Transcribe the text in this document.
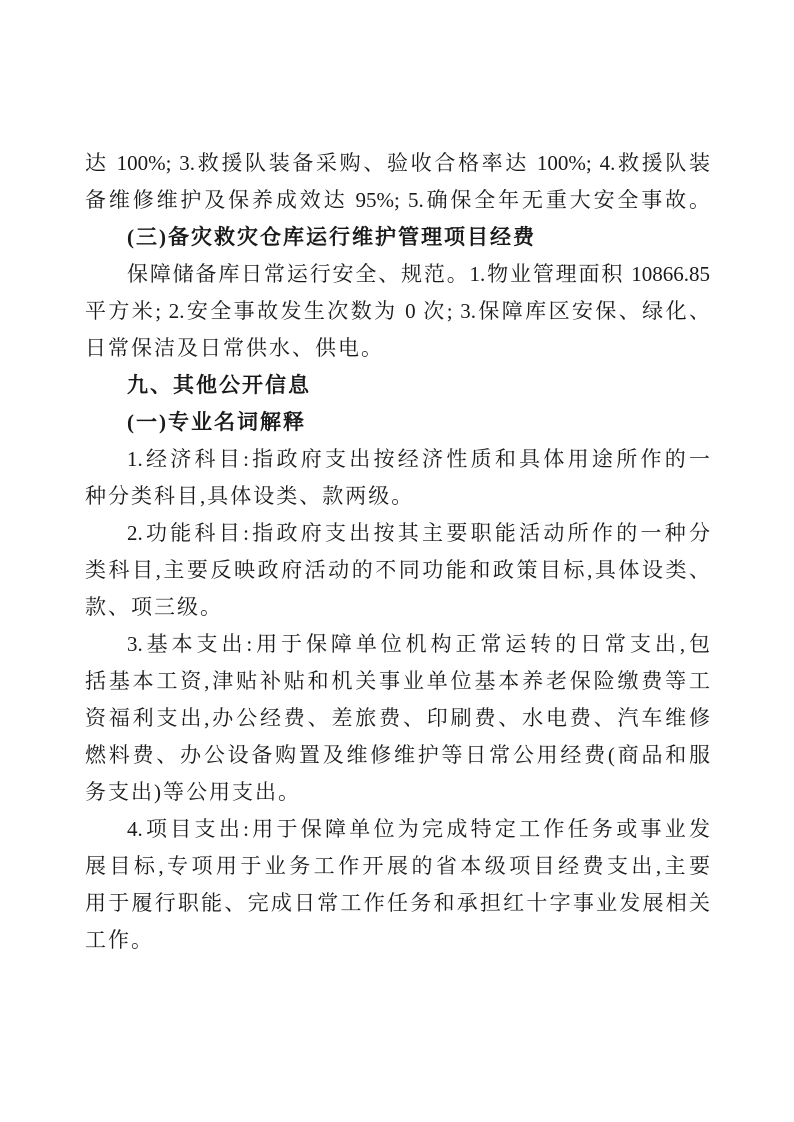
达 100%; 3.救援队装备采购、验收合格率达 100%; 4.救援队装
备维修维护及保养成效达 95%; 5.确保全年无重大安全事故。
(三)备灾救灾仓库运行维护管理项目经费
保障储备库日常运行安全、规范。1.物业管理面积 10866.85
平方米; 2.安全事故发生次数为 0 次; 3.保障库区安保、绿化、
日常保洁及日常供水、供电。
九、其他公开信息
(一)专业名词解释
1.经济科目:指政府支出按经济性质和具体用途所作的一
种分类科目,具体设类、款两级。
2.功能科目:指政府支出按其主要职能活动所作的一种分
类科目,主要反映政府活动的不同功能和政策目标,具体设类、
款、项三级。
3.基本支出:用于保障单位机构正常运转的日常支出,包
括基本工资,津贴补贴和机关事业单位基本养老保险缴费等工
资福利支出,办公经费、差旅费、印刷费、水电费、汽车维修
燃料费、办公设备购置及维修维护等日常公用经费(商品和服
务支出)等公用支出。
4.项目支出:用于保障单位为完成特定工作任务或事业发
展目标,专项用于业务工作开展的省本级项目经费支出,主要
用于履行职能、完成日常工作任务和承担红十字事业发展相关
工作。
